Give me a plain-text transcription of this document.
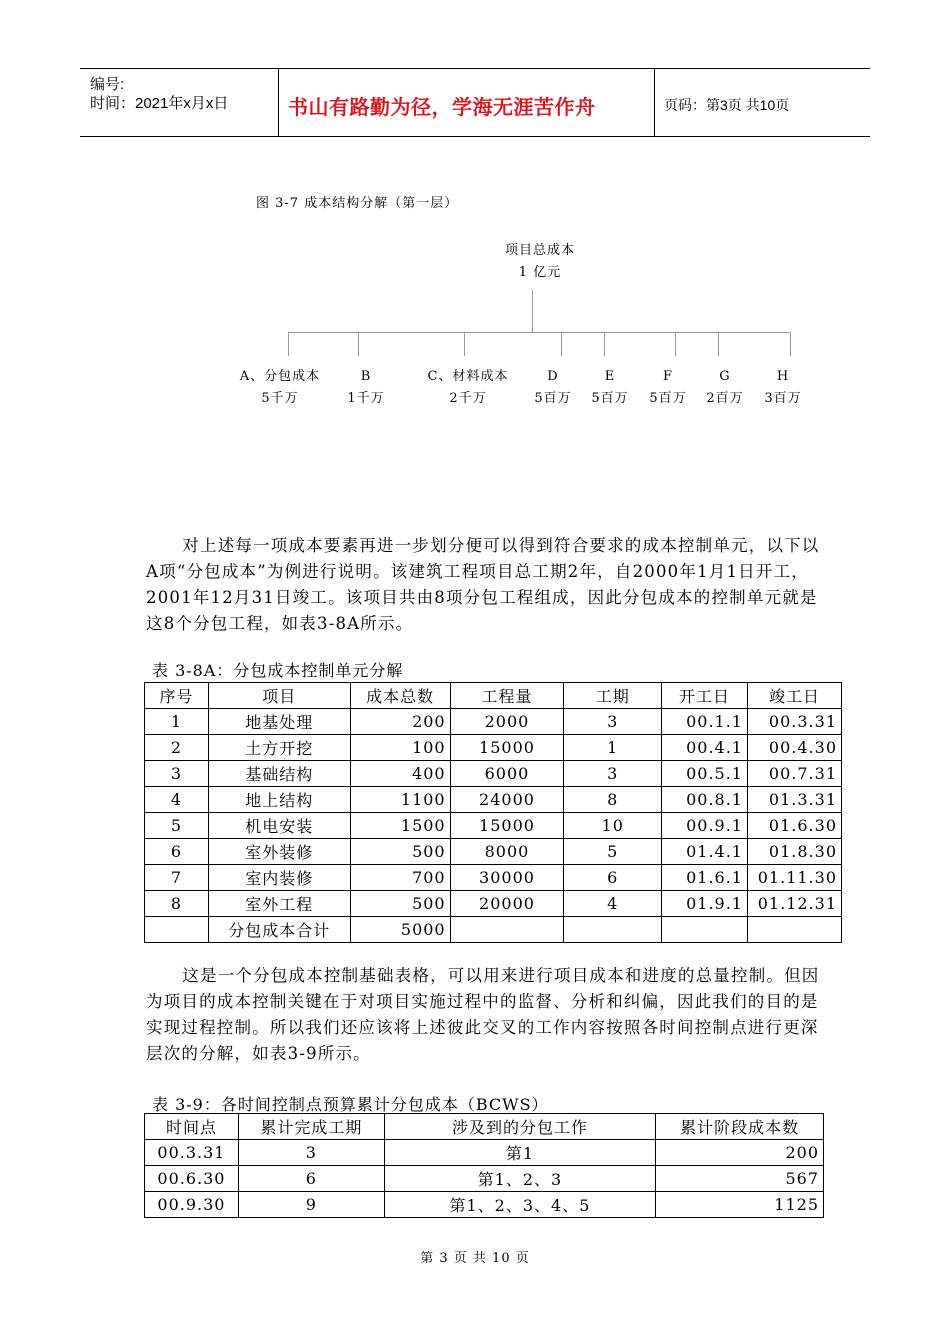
编号:
时间：2021年x月x日	书山有路勤为径，学海无涯苦作舟	页码：第3页 共10页
图 3-7 成本结构分解（第一层）
项目总成本
1 亿元
A、分包成本
5千万
B
1千万
C、材料成本
2千万
D
5百万
E
5百万
F
5百万
G
2百万
H
3百万
对上述每一项成本要素再进一步划分便可以得到符合要求的成本控制单元，以下以A项“分包成本”为例进行说明。该建筑工程项目总工期2年，自2000年1月1日开工，2001年12月31日竣工。该项目共由8项分包工程组成，因此分包成本的控制单元就是这8个分包工程，如表3-8A所示。
表 3-8A：分包成本控制单元分解
序号	项目	成本总数	工程量	工期	开工日	竣工日
1	地基处理	200	2000	3	00.1.1	00.3.31
2	土方开挖	100	15000	1	00.4.1	00.4.30
3	基础结构	400	6000	3	00.5.1	00.7.31
4	地上结构	1100	24000	8	00.8.1	01.3.31
5	机电安装	1500	15000	10	00.9.1	01.6.30
6	室外装修	500	8000	5	01.4.1	01.8.30
7	室内装修	700	30000	6	01.6.1	01.11.30
8	室外工程	500	20000	4	01.9.1	01.12.31
	分包成本合计	5000				
这是一个分包成本控制基础表格，可以用来进行项目成本和进度的总量控制。但因为项目的成本控制关键在于对项目实施过程中的监督、分析和纠偏，因此我们的目的是实现过程控制。所以我们还应该将上述彼此交叉的工作内容按照各时间控制点进行更深层次的分解，如表3-9所示。
表 3-9：各时间控制点预算累计分包成本（BCWS）
时间点	累计完成工期	涉及到的分包工作	累计阶段成本数
00.3.31	3	第1	200
00.6.30	6	第1、2、3	567
00.9.30	9	第1、2、3、4、5	1125
第 3 页 共 10 页
